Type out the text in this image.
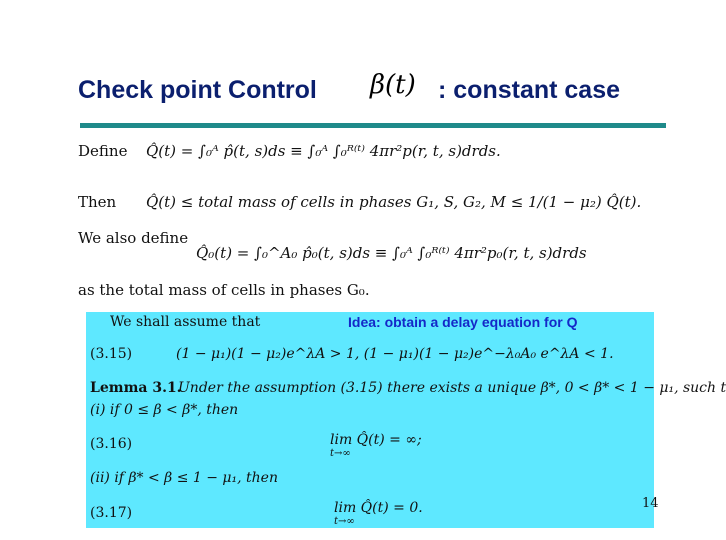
Check point Control β(t) : constant case
Define Q̂(t) = ∫₀ᴬ p̂(t, s)ds ≡ ∫₀ᴬ ∫₀ᴿ⁽ᵗ⁾ 4πr²p(r, t, s)drds.
Then Q̂(t) ≤ total mass of cells in phases G₁, S, G₂, M ≤ 1/(1 − μ₂) Q̂(t).
We also define
Q̂₀(t) = ∫₀^A₀ p̂₀(t, s)ds ≡ ∫₀ᴬ ∫₀ᴿ⁽ᵗ⁾ 4πr²p₀(r, t, s)drds
as the total mass of cells in phases G₀.
We shall assume that
(3.15)	(1 − μ₁)(1 − μ₂)e^λA > 1, (1 − μ₁)(1 − μ₂)e^−λ₀A₀ e^λA < 1.
Lemma 3.1.
Under the assumption (3.15) there exists a unique β*, 0 < β* < 1 − μ₁, such t
(i) if 0 ≤ β < β*, then
(3.16)	lim Q̂(t) = ∞;
t→∞
(ii) if β* < β ≤ 1 − μ₁, then
(3.17)	lim Q̂(t) = 0.
t→∞
Idea: obtain a delay equation for Q
14
